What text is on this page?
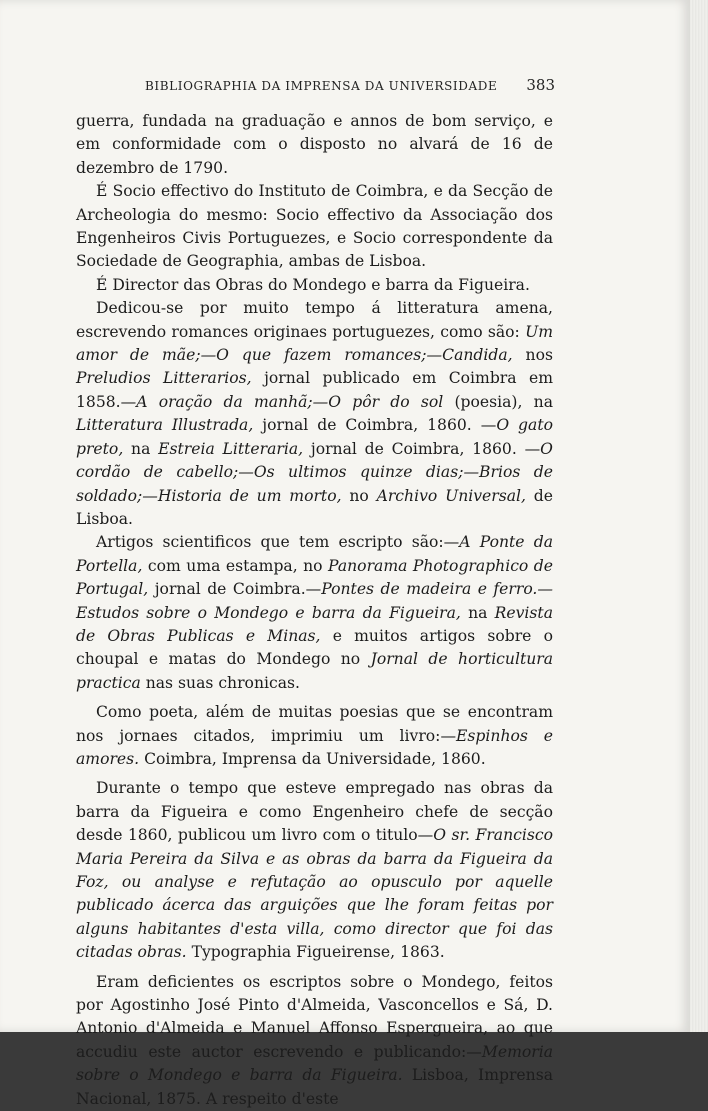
BIBLIOGRAPHIA DA IMPRENSA DA UNIVERSIDADE 383

guerra, fundada na graduação e annos de bom serviço, e em conformidade com o disposto no alvará de 16 de dezembro de 1790.

É Socio effectivo do Instituto de Coimbra, e da Secção de Archeologia do mesmo: Socio effectivo da Associação dos Engenheiros Civis Portuguezes, e Socio correspondente da Sociedade de Geographia, ambas de Lisboa.

É Director das Obras do Mondego e barra da Figueira.

Dedicou-se por muito tempo á litteratura amena, escrevendo romances originaes portuguezes, como são: Um amor de mãe;—O que fazem romances;—Candida, nos Preludios Litterarios, jornal publicado em Coimbra em 1858.—A oração da manhã;—O pôr do sol (poesia), na Litteratura Illustrada, jornal de Coimbra, 1860. —O gato preto, na Estreia Litteraria, jornal de Coimbra, 1860. —O cordão de cabello;—Os ultimos quinze dias;—Brios de soldado;—Historia de um morto, no Archivo Universal, de Lisboa.

Artigos scientificos que tem escripto são:—A Ponte da Portella, com uma estampa, no Panorama Photographico de Portugal, jornal de Coimbra.—Pontes de madeira e ferro.—Estudos sobre o Mondego e barra da Figueira, na Revista de Obras Publicas e Minas, e muitos artigos sobre o choupal e matas do Mondego no Jornal de horticultura practica nas suas chronicas.

Como poeta, além de muitas poesias que se encontram nos jornaes citados, imprimiu um livro:—Espinhos e amores. Coimbra, Imprensa da Universidade, 1860.

Durante o tempo que esteve empregado nas obras da barra da Figueira e como Engenheiro chefe de secção desde 1860, publicou um livro com o titulo—O sr. Francisco Maria Pereira da Silva e as obras da barra da Figueira da Foz, ou analyse e refutação ao opusculo por aquelle publicado ácerca das arguições que lhe foram feitas por alguns habitantes d'esta villa, como director que foi das citadas obras. Typographia Figueirense, 1863.

Eram deficientes os escriptos sobre o Mondego, feitos por Agostinho José Pinto d'Almeida, Vasconcellos e Sá, D. Antonio d'Almeida e Manuel Affonso Espergueira, ao que accudiu este auctor escrevendo e publicando:—Memoria sobre o Mondego e barra da Figueira. Lisboa, Imprensa Nacional, 1875. A respeito d'este
